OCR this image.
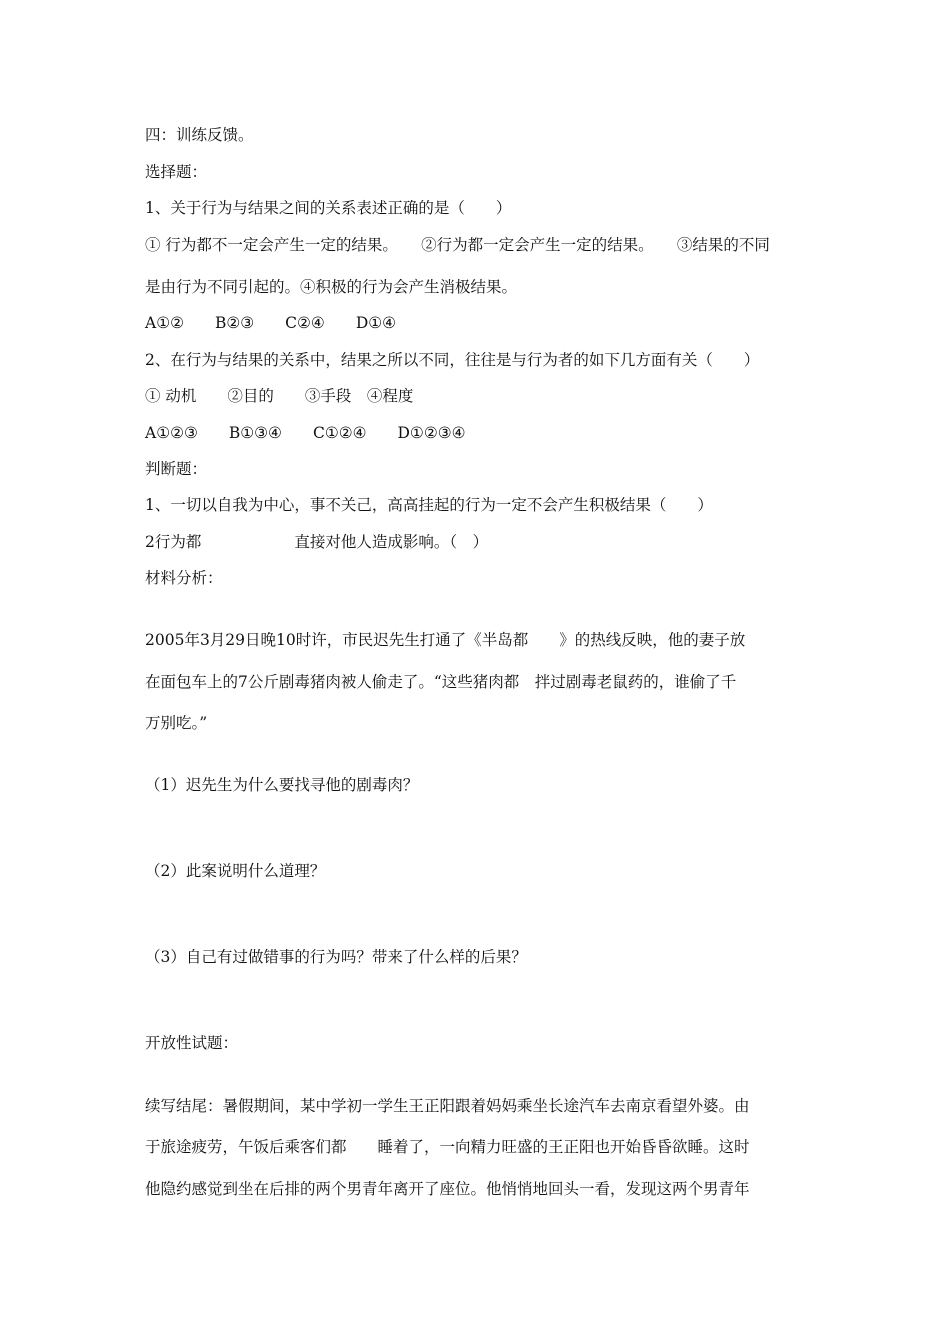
四：训练反馈。
选择题：
1、关于行为与结果之间的关系表述正确的是（　　）
① 行为都不一定会产生一定的结果。　　②行为都一定会产生一定的结果。　　③结果的不同
是由行为不同引起的。④积极的行为会产生消极结果。
A①②　　B②③　　C②④　　D①④
2、在行为与结果的关系中，结果之所以不同，往往是与行为者的如下几方面有关（　　）
① 动机　　②目的　　③手段　④程度
A①②③　　B①③④　　C①②④　　D①②③④
判断题：
1、一切以自我为中心，事不关己，高高挂起的行为一定不会产生积极结果（　　）
2行为都　　　　　　直接对他人造成影响。（　）
材料分析：
2005年3月29日晚10时许，市民迟先生打通了《半岛都　　》的热线反映，他的妻子放
在面包车上的7公斤剧毒猪肉被人偷走了。“这些猪肉都　拌过剧毒老鼠药的，谁偷了千
万别吃。”
（1）迟先生为什么要找寻他的剧毒肉？
（2）此案说明什么道理？
（3）自己有过做错事的行为吗？带来了什么样的后果？
开放性试题：
续写结尾：暑假期间，某中学初一学生王正阳跟着妈妈乘坐长途汽车去南京看望外婆。由
于旅途疲劳，午饭后乘客们都　　睡着了，一向精力旺盛的王正阳也开始昏昏欲睡。这时
他隐约感觉到坐在后排的两个男青年离开了座位。他悄悄地回头一看，发现这两个男青年
